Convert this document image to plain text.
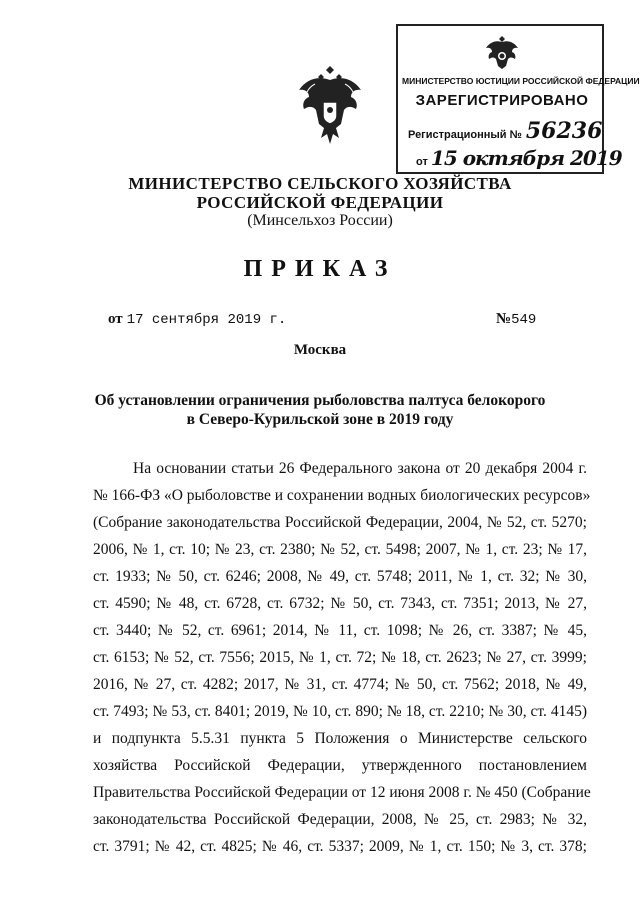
МИНИСТЕРСТВО ЮСТИЦИИ РОССИЙСКОЙ ФЕДЕРАЦИИ
ЗАРЕГИСТРИРОВАНО
Регистрационный № 56236
от 15 октября 2019
МИНИСТЕРСТВО СЕЛЬСКОГО ХОЗЯЙСТВА
РОССИЙСКОЙ ФЕДЕРАЦИИ
(Минсельхоз России)
ПРИКАЗ
от 17 сентября 2019 г.	№549
Москва
Об установлении ограничения рыболовства палтуса белокорого
в Северо-Курильской зоне в 2019 году
На основании статьи 26 Федерального закона от 20 декабря 2004 г.
№ 166-ФЗ «О рыболовстве и сохранении водных биологических ресурсов»
(Собрание законодательства Российской Федерации, 2004, № 52, ст. 5270;
2006, № 1, ст. 10; № 23, ст. 2380; № 52, ст. 5498; 2007, № 1, ст. 23; № 17,
ст. 1933; № 50, ст. 6246; 2008, № 49, ст. 5748; 2011, № 1, ст. 32; № 30,
ст. 4590; № 48, ст. 6728, ст. 6732; № 50, ст. 7343, ст. 7351; 2013, № 27,
ст. 3440; № 52, ст. 6961; 2014, № 11, ст. 1098; № 26, ст. 3387; № 45,
ст. 6153; № 52, ст. 7556; 2015, № 1, ст. 72; № 18, ст. 2623; № 27, ст. 3999;
2016, № 27, ст. 4282; 2017, № 31, ст. 4774; № 50, ст. 7562; 2018, № 49,
ст. 7493; № 53, ст. 8401; 2019, № 10, ст. 890; № 18, ст. 2210; № 30, ст. 4145)
и подпункта 5.5.31 пункта 5 Положения о Министерстве сельского
хозяйства Российской Федерации, утвержденного постановлением
Правительства Российской Федерации от 12 июня 2008 г. № 450 (Собрание
законодательства Российской Федерации, 2008, № 25, ст. 2983; № 32,
ст. 3791; № 42, ст. 4825; № 46, ст. 5337; 2009, № 1, ст. 150; № 3, ст. 378;
